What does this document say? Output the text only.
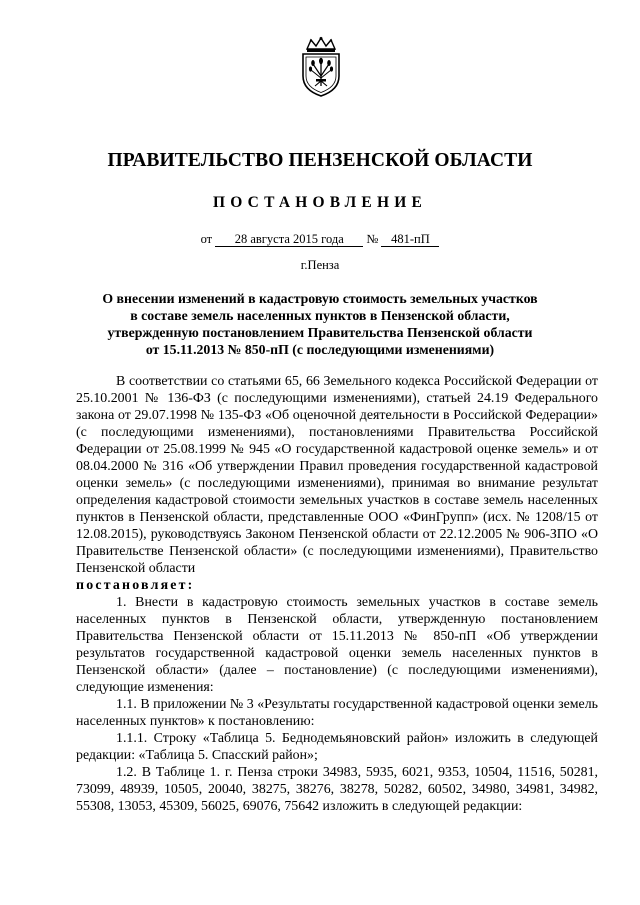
ПРАВИТЕЛЬСТВО ПЕНЗЕНСКОЙ ОБЛАСТИ
ПОСТАНОВЛЕНИЕ
от 28 августа 2015 года № 481-пП
г.Пенза
О внесении изменений в кадастровую стоимость земельных участков
в составе земель населенных пунктов в Пензенской области,
утвержденную постановлением Правительства Пензенской области
от 15.11.2013 № 850-пП (с последующими изменениями)

В соответствии со статьями 65, 66 Земельного кодекса Российской Федерации от 25.10.2001 № 136-ФЗ (с последующими изменениями), статьей 24.19 Федерального закона от 29.07.1998 № 135-ФЗ «Об оценочной деятельности в Российской Федерации» (с последующими изменениями), постановлениями Правительства Российской Федерации от 25.08.1999 № 945 «О государственной кадастровой оценке земель» и от 08.04.2000 № 316 «Об утверждении Правил проведения государственной кадастровой оценки земель» (с последующими изменениями), принимая во внимание результат определения кадастровой стоимости земельных участков в составе земель населенных пунктов в Пензенской области, представленные ООО «ФинГрупп» (исх. № 1208/15 от 12.08.2015), руководствуясь Законом Пензенской области от 22.12.2005 № 906-ЗПО «О Правительстве Пензенской области» (с последующими изменениями), Правительство Пензенской области

постановляет:

1. Внести в кадастровую стоимость земельных участков в составе земель населенных пунктов в Пензенской области, утвержденную постановлением Правительства Пензенской области от 15.11.2013 № 850-пП «Об утверждении результатов государственной кадастровой оценки земель населенных пунктов в Пензенской области» (далее – постановление) (с последующими изменениями), следующие изменения:

1.1. В приложении № 3 «Результаты государственной кадастровой оценки земель населенных пунктов» к постановлению:

1.1.1. Строку «Таблица 5. Беднодемьяновский район» изложить в следующей редакции: «Таблица 5. Спасский район»;

1.2. В Таблице 1. г. Пенза строки 34983, 5935, 6021, 9353, 10504, 11516, 50281, 73099, 48939, 10505, 20040, 38275, 38276, 38278, 50282, 60502, 34980, 34981, 34982, 55308, 13053, 45309, 56025, 69076, 75642 изложить в следующей редакции:
